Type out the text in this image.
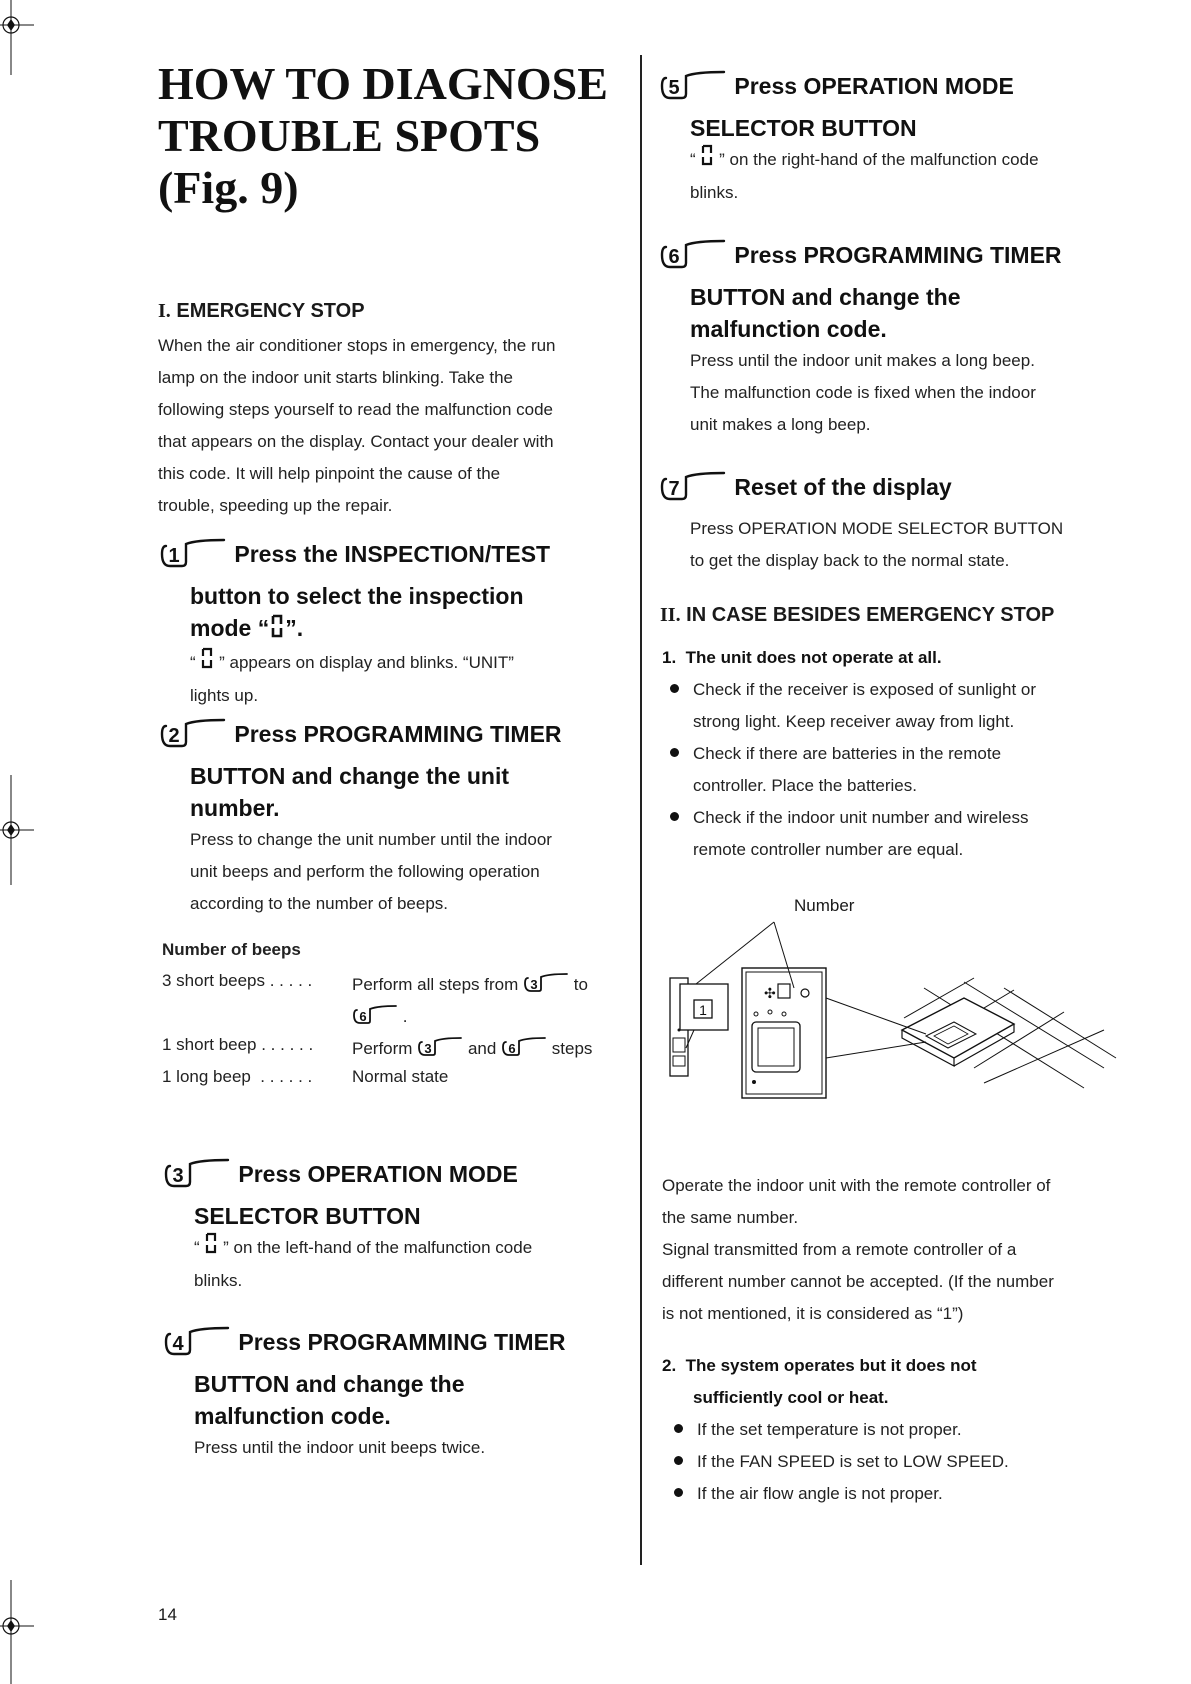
HOW TO DIAGNOSE TROUBLE SPOTS (Fig. 9)
I. EMERGENCY STOP
When the air conditioner stops in emergency, the run
lamp on the indoor unit starts blinking. Take the
following steps yourself to read the malfunction code
that appears on the display. Contact your dealer with
this code. It will help pinpoint the cause of the
trouble, speeding up the repair.
1 Press the INSPECTION/TEST
button to select the inspection
mode “ ”.
“  ” appears on display and blinks. “UNIT”
lights up.
2 Press PROGRAMMING TIMER
BUTTON and change the unit
number.
Press to change the unit number until the indoor
unit beeps and perform the following operation
according to the number of beeps.
Number of beeps
3 short beeps . . . . . Perform all steps from 3 to
6 .
1 short beep . . . . . . Perform 3 and 6 steps
1 long beep  . . . . . . Normal state
3 Press OPERATION MODE
SELECTOR BUTTON
“  ” on the left-hand of the malfunction code
blinks.
4 Press PROGRAMMING TIMER
BUTTON and change the
malfunction code.
Press until the indoor unit beeps twice.
14
5 Press OPERATION MODE
SELECTOR BUTTON
“  ” on the right-hand of the malfunction code
blinks.
6 Press PROGRAMMING TIMER
BUTTON and change the
malfunction code.
Press until the indoor unit makes a long beep.
The malfunction code is fixed when the indoor
unit makes a long beep.
7 Reset of the display
Press OPERATION MODE SELECTOR BUTTON
to get the display back to the normal state.
II. IN CASE BESIDES EMERGENCY STOP
1.  The unit does not operate at all.
Check if the receiver is exposed of sunlight or
strong light. Keep receiver away from light.
Check if there are batteries in the remote
controller. Place the batteries.
Check if the indoor unit number and wireless
remote controller number are equal.
Number
1
✣
Operate the indoor unit with the remote controller of
the same number.
Signal transmitted from a remote controller of a
different number cannot be accepted. (If the number
is not mentioned, it is considered as “1”)
2.  The system operates but it does not
sufficiently cool or heat.
If the set temperature is not proper.
If the FAN SPEED is set to LOW SPEED.
If the air flow angle is not proper.
